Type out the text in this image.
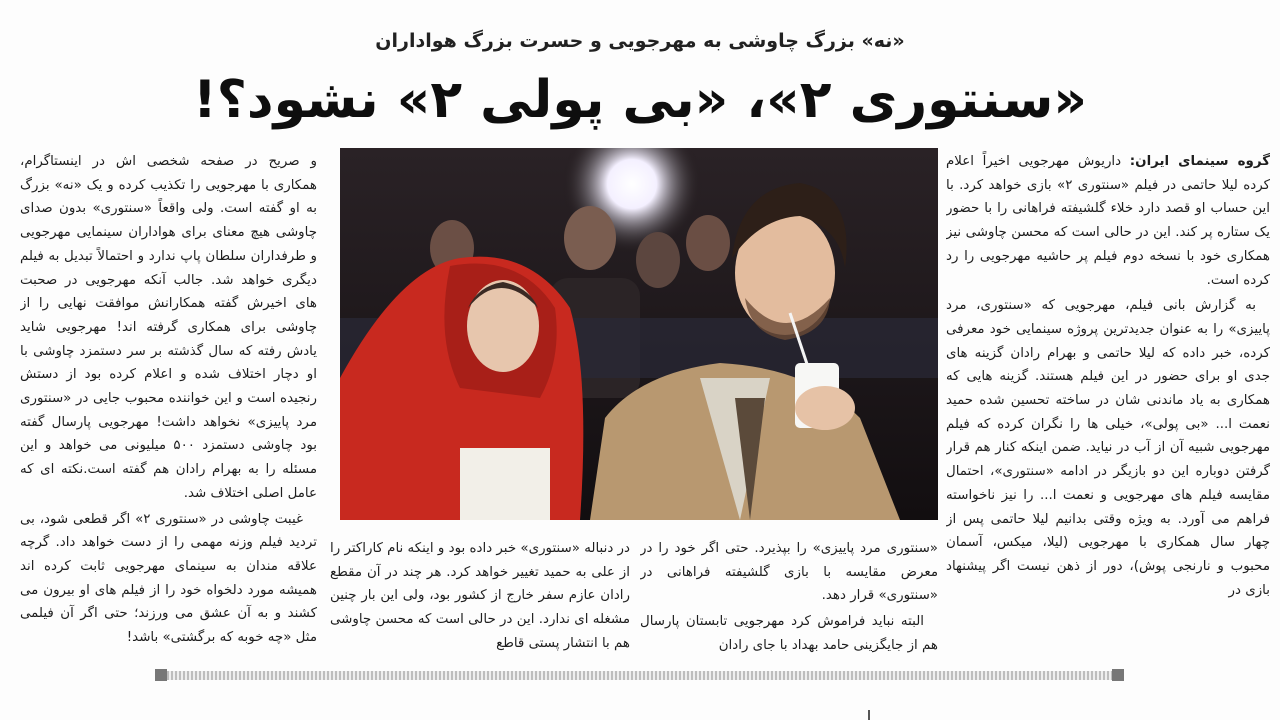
«نه» بزرگ چاوشی به مهرجویی و حسرت بزرگ هواداران
«سنتوری ۲»، «بی پولی ۲» نشود؟!

گروه سینمای ایران: داریوش مهرجویی اخیراً اعلام کرده لیلا حاتمی در فیلم «سنتوری ۲» بازی خواهد کرد. با این حساب او قصد دارد خلاء گلشیفته فراهانی را با حضور یک ستاره پر کند. این در حالی است که محسن چاوشی نیز همکاری خود با نسخه دوم فیلم پر حاشیه مهرجویی را رد کرده است.

به گزارش بانی فیلم، مهرجویی که «سنتوری، مرد پاییزی» را به عنوان جدیدترین پروژه سینمایی خود معرفی کرده، خبر داده که لیلا حاتمی و بهرام رادان گزینه های جدی او برای حضور در این فیلم هستند. گزینه هایی که همکاری به یاد ماندنی شان در ساخته تحسین شده حمید نعمت ا... «بی پولی»، خیلی ها را نگران کرده که فیلم مهرجویی شبیه آن از آب در نیاید. ضمن اینکه کنار هم قرار گرفتن دوباره این دو بازیگر در ادامه «سنتوری»، احتمال مقایسه فیلم های مهرجویی و نعمت ا... را نیز ناخواسته فراهم می آورد. به ویژه وقتی بدانیم لیلا حاتمی پس از چهار سال همکاری با مهرجویی (لیلا، میکس، آسمان محبوب و نارنجی پوش)، دور از ذهن نیست اگر پیشنهاد بازی در

«سنتوری مرد پاییزی» را بپذیرد. حتی اگر خود را در معرض مقایسه با بازی گلشیفته فراهانی در «سنتوری» قرار دهد.

البته نباید فراموش کرد مهرجویی تابستان پارسال هم از جایگزینی حامد بهداد با جای رادان

در دنباله «سنتوری» خبر داده بود و اینکه نام کاراکتر را از علی به حمید تغییر خواهد کرد. هر چند در آن مقطع رادان عازم سفر خارج از کشور بود، ولی این بار چنین مشغله ای ندارد. این در حالی است که محسن چاوشی هم با انتشار پستی قاطع

و صریح در صفحه شخصی اش در اینستاگرام، همکاری با مهرجویی را تکذیب کرده و یک «نه» بزرگ به او گفته است. ولی واقعاً «سنتوری» بدون صدای چاوشی هیچ معنای برای هواداران سینمایی مهرجویی و طرفداران سلطان پاپ ندارد و احتمالاً تبدیل به فیلم دیگری خواهد شد. جالب آنکه مهرجویی در صحبت های اخیرش گفته همکارانش موافقت نهایی را از چاوشی برای همکاری گرفته اند! مهرجویی شاید یادش رفته که سال گذشته بر سر دستمزد چاوشی با او دچار اختلاف شده و اعلام کرده بود از دستش رنجیده است و این خواننده محبوب جایی در «سنتوری مرد پاییزی» نخواهد داشت! مهرجویی پارسال گفته بود چاوشی دستمزد ۵۰۰ میلیونی می خواهد و این مسئله را به بهرام رادان هم گفته است.نکته ای که عامل اصلی اختلاف شد.

غیبت چاوشی در «سنتوری ۲» اگر قطعی شود، بی تردید فیلم وزنه مهمی را از دست خواهد داد. گرچه علاقه مندان به سینمای مهرجویی ثابت کرده اند همیشه مورد دلخواه خود را از فیلم های او بیرون می کشند و به آن عشق می ورزند؛ حتی اگر آن فیلمی مثل «چه خوبه که برگشتی» باشد!
